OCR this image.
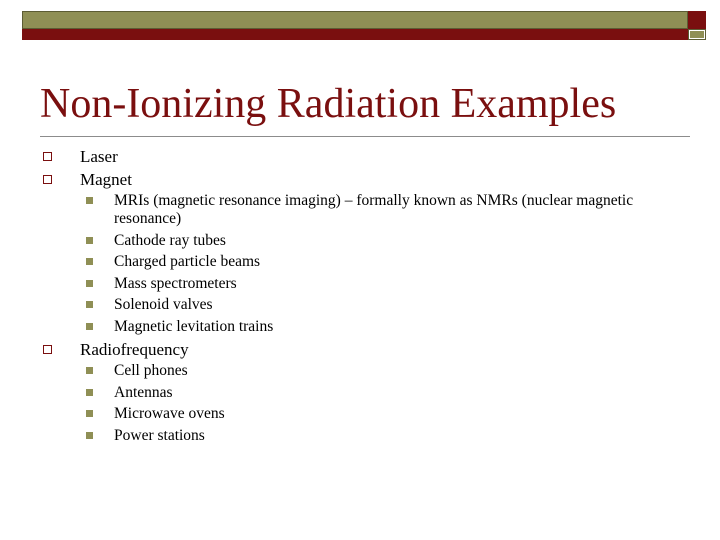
Non-Ionizing Radiation Examples
Laser
Magnet
MRIs (magnetic resonance imaging) – formally known as NMRs (nuclear magnetic resonance)
Cathode ray tubes
Charged particle beams
Mass spectrometers
Solenoid valves
Magnetic levitation trains
Radiofrequency
Cell phones
Antennas
Microwave ovens
Power stations
